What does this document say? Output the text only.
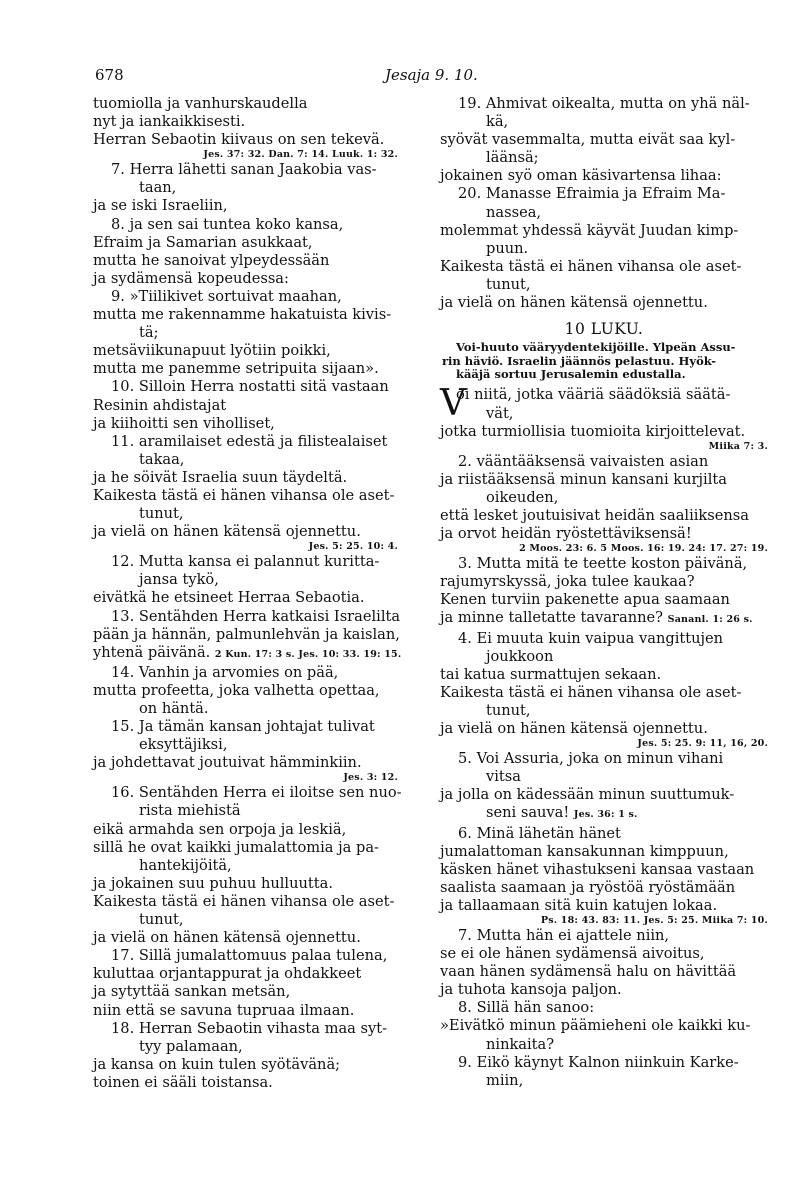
678	Jesaja 9. 10.
tuomiolla ja vanhurskaudella
nyt ja iankaikkisesti.
Herran Sebaotin kiivaus on sen tekevä.
Jes. 37: 32. Dan. 7: 14. Luuk. 1: 32.
7. Herra lähetti sanan Jaakobia vas-
taan,
ja se iski Israeliin,
8. ja sen sai tuntea koko kansa,
Efraim ja Samarian asukkaat,
mutta he sanoivat ylpeydessään
ja sydämensä kopeudessa:
9. »Tiilikivet sortuivat maahan,
mutta me rakennamme hakatuista kivis-
tä;
metsäviikunapuut lyötiin poikki,
mutta me panemme setripuita sijaan».
10. Silloin Herra nostatti sitä vastaan
Resinin ahdistajat
ja kiihoitti sen viholliset,
11. aramilaiset edestä ja filistealaiset
takaa,
ja he söivät Israelia suun täydeltä.
Kaikesta tästä ei hänen vihansa ole aset-
tunut,
ja vielä on hänen kätensä ojennettu.
Jes. 5: 25. 10: 4.
12. Mutta kansa ei palannut kuritta-
jansa tykö,
eivätkä he etsineet Herraa Sebaotia.
13. Sentähden Herra katkaisi Israelilta
pään ja hännän, palmunlehvän ja kaislan,
yhtenä päivänä. 2 Kun. 17: 3 s. Jes. 10: 33. 19: 15.
14. Vanhin ja arvomies on pää,
mutta profeetta, joka valhetta opettaa,
on häntä.
15. Ja tämän kansan johtajat tulivat
eksyttäjiksi,
ja johdettavat joutuivat hämminkiin.
Jes. 3: 12.
16. Sentähden Herra ei iloitse sen nuo-
rista miehistä
eikä armahda sen orpoja ja leskiä,
sillä he ovat kaikki jumalattomia ja pa-
hantekijöitä,
ja jokainen suu puhuu hulluutta.
Kaikesta tästä ei hänen vihansa ole aset-
tunut,
ja vielä on hänen kätensä ojennettu.
17. Sillä jumalattomuus palaa tulena,
kuluttaa orjantappurat ja ohdakkeet
ja sytyttää sankan metsän,
niin että se savuna tupruaa ilmaan.
18. Herran Sebaotin vihasta maa syt-
tyy palamaan,
ja kansa on kuin tulen syötävänä;
toinen ei sääli toistansa.
19. Ahmivat oikealta, mutta on yhä näl-
kä,
syövät vasemmalta, mutta eivät saa kyl-
läänsä;
jokainen syö oman käsivartensa lihaa:
20. Manasse Efraimia ja Efraim Ma-
nassea,
molemmat yhdessä käyvät Juudan kimp-
puun.
Kaikesta tästä ei hänen vihansa ole aset-
tunut,
ja vielä on hänen kätensä ojennettu.
10 LUKU.
Voi-huuto vääryydentekijöille. Ylpeän Assu-
rin häviö. Israelin jäännös pelastuu. Hyök-
kääjä sortuu Jerusalemin edustalla.
V
oi niitä, jotka vääriä säädöksiä säätä-
vät,
jotka turmiollisia tuomioita kirjoittelevat.
Miika 7: 3.
2. vääntääksensä vaivaisten asian
ja riistääksensä minun kansani kurjilta
oikeuden,
että lesket joutuisivat heidän saaliiksensa
ja orvot heidän ryöstettäviksensä!
2 Moos. 23: 6. 5 Moos. 16: 19. 24: 17. 27: 19.
3. Mutta mitä te teette koston päivänä,
rajumyrskyssä, joka tulee kaukaa?
Kenen turviin pakenette apua saamaan
ja minne talletatte tavaranne? Sananl. 1: 26 s.
4. Ei muuta kuin vaipua vangittujen
joukkoon
tai katua surmattujen sekaan.
Kaikesta tästä ei hänen vihansa ole aset-
tunut,
ja vielä on hänen kätensä ojennettu.
Jes. 5: 25. 9: 11, 16, 20.
5. Voi Assuria, joka on minun vihani
vitsa
ja jolla on kädessään minun suuttumuk-
seni sauva! Jes. 36: 1 s.
6. Minä lähetän hänet
jumalattoman kansakunnan kimppuun,
käsken hänet vihastukseni kansaa vastaan
saalista saamaan ja ryöstöä ryöstämään
ja tallaamaan sitä kuin katujen lokaa.
Ps. 18: 43. 83: 11. Jes. 5: 25. Miika 7: 10.
7. Mutta hän ei ajattele niin,
se ei ole hänen sydämensä aivoitus,
vaan hänen sydämensä halu on hävittää
ja tuhota kansoja paljon.
8. Sillä hän sanoo:
»Eivätkö minun päämieheni ole kaikki ku-
ninkaita?
9. Eikö käynyt Kalnon niinkuin Karke-
miin,
